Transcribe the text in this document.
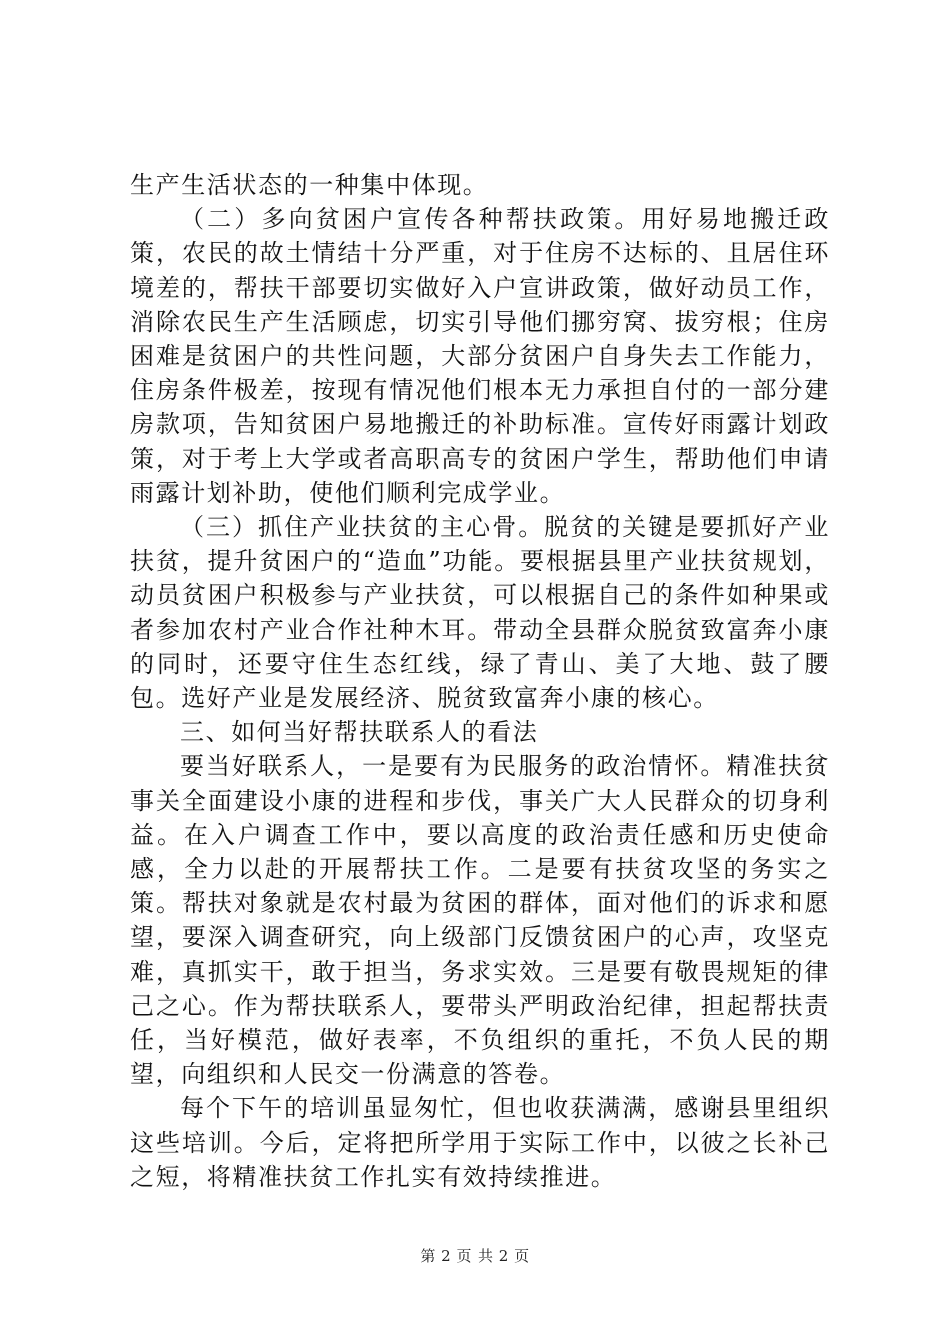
生产生活状态的一种集中体现。

（二）多向贫困户宣传各种帮扶政策。用好易地搬迁政策，农民的故土情结十分严重，对于住房不达标的、且居住环境差的，帮扶干部要切实做好入户宣讲政策，做好动员工作，消除农民生产生活顾虑，切实引导他们挪穷窝、拔穷根；住房困难是贫困户的共性问题，大部分贫困户自身失去工作能力，住房条件极差，按现有情况他们根本无力承担自付的一部分建房款项，告知贫困户易地搬迁的补助标准。宣传好雨露计划政策，对于考上大学或者高职高专的贫困户学生，帮助他们申请雨露计划补助，使他们顺利完成学业。

（三）抓住产业扶贫的主心骨。脱贫的关键是要抓好产业扶贫，提升贫困户的“造血”功能。要根据县里产业扶贫规划，动员贫困户积极参与产业扶贫，可以根据自己的条件如种果或者参加农村产业合作社种木耳。带动全县群众脱贫致富奔小康的同时，还要守住生态红线，绿了青山、美了大地、鼓了腰包。选好产业是发展经济、脱贫致富奔小康的核心。

三、如何当好帮扶联系人的看法

要当好联系人，一是要有为民服务的政治情怀。精准扶贫事关全面建设小康的进程和步伐，事关广大人民群众的切身利益。在入户调查工作中，要以高度的政治责任感和历史使命感，全力以赴的开展帮扶工作。二是要有扶贫攻坚的务实之策。帮扶对象就是农村最为贫困的群体，面对他们的诉求和愿望，要深入调查研究，向上级部门反馈贫困户的心声，攻坚克难，真抓实干，敢于担当，务求实效。三是要有敬畏规矩的律己之心。作为帮扶联系人，要带头严明政治纪律，担起帮扶责任，当好模范，做好表率，不负组织的重托，不负人民的期望，向组织和人民交一份满意的答卷。

每个下午的培训虽显匆忙，但也收获满满，感谢县里组织这些培训。今后，定将把所学用于实际工作中，以彼之长补己之短，将精准扶贫工作扎实有效持续推进。

第 2 页 共 2 页
